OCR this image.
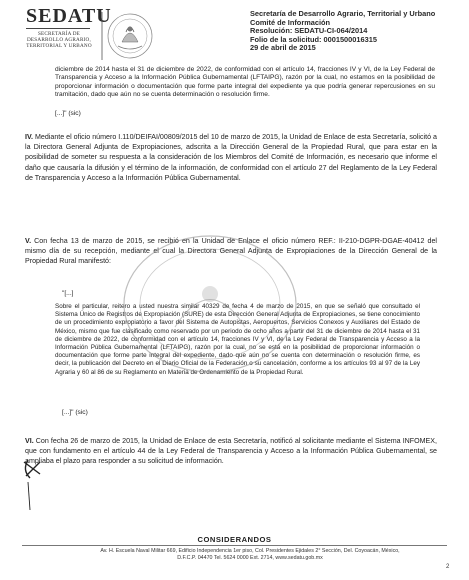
SEDATU
SECRETARÍA DE
DESARROLLO AGRARIO,
TERRITORIAL Y URBANO
Secretaría de Desarrollo Agrario, Territorial y Urbano
Comité de Información
Resolución: SEDATU-CI-064/2014
Folio de la solicitud: 0001500016315
29 de abril de 2015
diciembre de 2014 hasta el 31 de diciembre de 2022, de conformidad con el artículo 14, fracciones IV y VI, de la Ley Federal de Transparencia y Acceso a la Información Pública Gubernamental (LFTAIPG), razón por la cual, no estamos en la posibilidad de proporcionar información o documentación que forme parte integral del expediente ya que podría generar repercusiones en su tramitación, dado que aún no se cuenta determinación o resolución firme.
[...]" (sic)
IV. Mediante el oficio número I.110/DEIFAI/00809/2015 del 10 de marzo de 2015, la Unidad de Enlace de esta Secretaría, solicitó a la Directora General Adjunta de Expropiaciones, adscrita a la Dirección General de la Propiedad Rural, que para estar en la posibilidad de someter su respuesta a la consideración de los Miembros del Comité de Información, es necesario que informe el daño que causaría la difusión y el término de la información, de conformidad con el artículo 27 del Reglamento de la Ley Federal de Transparencia y Acceso a la Información Pública Gubernamental.
V. Con fecha 13 de marzo de 2015, se recibió en la Unidad de Enlace el oficio número REF.: II-210-DGPR-DGAE-40412 del mismo día de su recepción, mediante el cual la Directora General Adjunta de Expropiaciones de la Dirección General de la Propiedad Rural manifestó:
"[...]
Sobre el particular, reitero a usted nuestra similar 40329 de fecha 4 de marzo de 2015, en que se señaló que consultado el Sistema Único de Registros de Expropiación (SURE) de esta Dirección General Adjunta de Expropiaciones, se tiene conocimiento de un procedimiento expropiatorio a favor del Sistema de Autopistas, Aeropuertos, Servicios Conexos y Auxiliares del Estado de México, mismo que fue clasificado como reservado por un periodo de ocho años a partir del 31 de diciembre de 2014 hasta el 31 de diciembre de 2022, de conformidad con el artículo 14, fracciones IV y VI, de la Ley Federal de Transparencia y Acceso a la Información Pública Gubernamental (LFTAIPG), razón por la cual, no se está en la posibilidad de proporcionar información o documentación que forme parte integral del expediente, dado que aún no se cuenta con determinación o resolución firme, es decir, la publicación del Decreto en el Diario Oficial de la Federación o su cancelación, conforme a los artículos 93 al 97 de la Ley Agraria y 60 al 86 de su Reglamento en Materia de Ordenamiento de la Propiedad Rural.
[...]" (sic)
VI. Con fecha 26 de marzo de 2015, la Unidad de Enlace de esta Secretaría, notificó al solicitante mediante el Sistema INFOMEX, que con fundamento en el artículo 44 de la Ley Federal de Transparencia y Acceso a la Información Pública Gubernamental, se ampliaba el plazo para responder a su solicitud de información.
CONSIDERANDOS
Av. H. Escuela Naval Militar 669, Edificio Independencia 1er piso, Col. Presidentes Ejidales 2° Sección, Del. Coyoacán, México,
D.F.C.P. 04470 Tel. 5624 0000 Ext. 2714, www.sedatu.gob.mx
2
